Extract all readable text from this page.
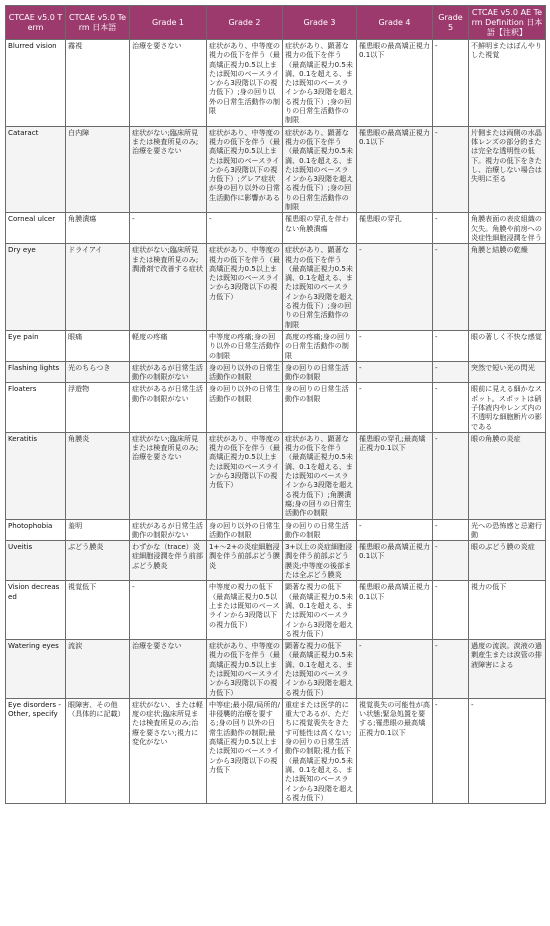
CTCAE v5.0 Term	CTCAE v5.0 Term 日本語	Grade 1	Grade 2	Grade 3	Grade 4	Grade 5	CTCAE v5.0 AE Term Definition 日本語【注釈】
Blurred vision	霧視	治療を要さない	症状があり、中等度の視力の低下を伴う（最高矯正視力0.5以上または既知のベースラインから3段階以下の視力低下）;身の回り以外の日常生活動作の制限	症状があり、顕著な視力の低下を伴う（最高矯正視力0.5未満、0.1を超える、または既知のベースラインから3段階を超える視力低下）;身の回りの日常生活動作の制限	罹患眼の最高矯正視力0.1以下	-	不鮮明またはぼんやりした視覚
Cataract	白内障	症状がない;臨床所見または検査所見のみ;治療を要さない	症状があり、中等度の視力の低下を伴う（最高矯正視力0.5以上または既知のベースラインから3段階以下の視力低下）;グレア症状が身の回り以外の日常生活動作に影響がある	症状があり、顕著な視力の低下を伴う（最高矯正視力0.5未満、0.1を超える、または既知のベースラインから3段階を超える視力低下）;身の回りの日常生活動作の制限	罹患眼の最高矯正視力0.1以下	-	片側または両側の水晶体レンズの部分的または完全な透明性の低下。視力の低下をきたし、治療しない場合は失明に至る
Corneal ulcer	角膜潰瘍	-	-	罹患眼の穿孔を伴わない角膜潰瘍	罹患眼の穿孔	-	角膜表面の表皮組織の欠失。角膜や前房への炎症性細胞浸潤を伴う
Dry eye	ドライアイ	症状がない;臨床所見または検査所見のみ;潤滑剤で改善する症状	症状があり、中等度の視力の低下を伴う（最高矯正視力0.5以上または既知のベースラインから3段階以下の視力低下）	症状があり、顕著な視力の低下を伴う（最高矯正視力0.5未満、0.1を超える、または既知のベースラインから3段階を超える視力低下）;身の回りの日常生活動作の制限	-	-	角膜と結膜の乾燥
Eye pain	眼痛	軽度の疼痛	中等度の疼痛;身の回り以外の日常生活動作の制限	高度の疼痛;身の回りの日常生活動作の制限	-	-	眼の著しく不快な感覚
Flashing lights	光のちらつき	症状があるが日常生活動作の制限がない	身の回り以外の日常生活動作の制限	身の回りの日常生活動作の制限	-	-	突然で短い光の閃光
Floaters	浮遊物	症状があるが日常生活動作の制限がない	身の回り以外の日常生活動作の制限	身の回りの日常生活動作の制限	-	-	眼前に見える細かなスポット。スポットは硝子体液内やレンズ内の不透明な細胞断片の影である
Keratitis	角膜炎	症状がない;臨床所見または検査所見のみ;治療を要さない	症状があり、中等度の視力の低下を伴う（最高矯正視力0.5以上または既知のベースラインから3段階以下の視力低下）	症状があり、顕著な視力の低下を伴う（最高矯正視力0.5未満、0.1を超える、または既知のベースラインから3段階を超える視力低下）;角膜潰瘍;身の回りの日常生活動作の制限	罹患眼の穿孔;最高矯正視力0.1以下	-	眼の角膜の炎症
Photophobia	羞明	症状があるが日常生活動作の制限がない	身の回り以外の日常生活動作の制限	身の回りの日常生活動作の制限	-	-	光への恐怖感と忌避行動
Uveitis	ぶどう膜炎	わずかな（trace）炎症細胞浸潤を伴う前部ぶどう膜炎	1+～2+の炎症細胞浸潤を伴う前部ぶどう膜炎	3+以上の炎症細胞浸潤を伴う前部ぶどう膜炎;中等度の後部または全ぶどう膜炎	罹患眼の最高矯正視力0.1以下	-	眼のぶどう膜の炎症
Vision decreased	視覚低下	-	中等度の視力の低下（最高矯正視力0.5以上または既知のベースラインから3段階以下の視力低下）	顕著な視力の低下（最高矯正視力0.5未満、0.1を超える、または既知のベースラインから3段階を超える視力低下）	罹患眼の最高矯正視力0.1以下	-	視力の低下
Watering eyes	流涙	治療を要さない	症状があり、中等度の視力の低下を伴う（最高矯正視力0.5以上または既知のベースラインから3段階以下の視力低下）	顕著な視力の低下（最高矯正視力0.5未満、0.1を超える、または既知のベースラインから3段階を超える視力低下）	-	-	過度の流涙。涙液の過剰産生または涙管の排液障害による
Eye disorders - Other, specify	眼障害、その他（具体的に記載）	症状がない、または軽度の症状;臨床所見または検査所見のみ;治療を要さない;視力に変化がない	中等症;最小限/局所的/非侵襲的治療を要する;身の回り以外の日常生活動作の制限;最高矯正視力0.5以上または既知のベースラインから3段階以下の視力低下	重症または医学的に重大であるが、ただちに視覚喪失をきたす可能性は高くない;身の回りの日常生活動作の制限;視力低下（最高矯正視力0.5未満、0.1を超える、または既知のベースラインから3段階を超える視力低下）	視覚喪失の可能性が高い状態;緊急処置を要する;罹患眼の最高矯正視力0.1以下	-	-
